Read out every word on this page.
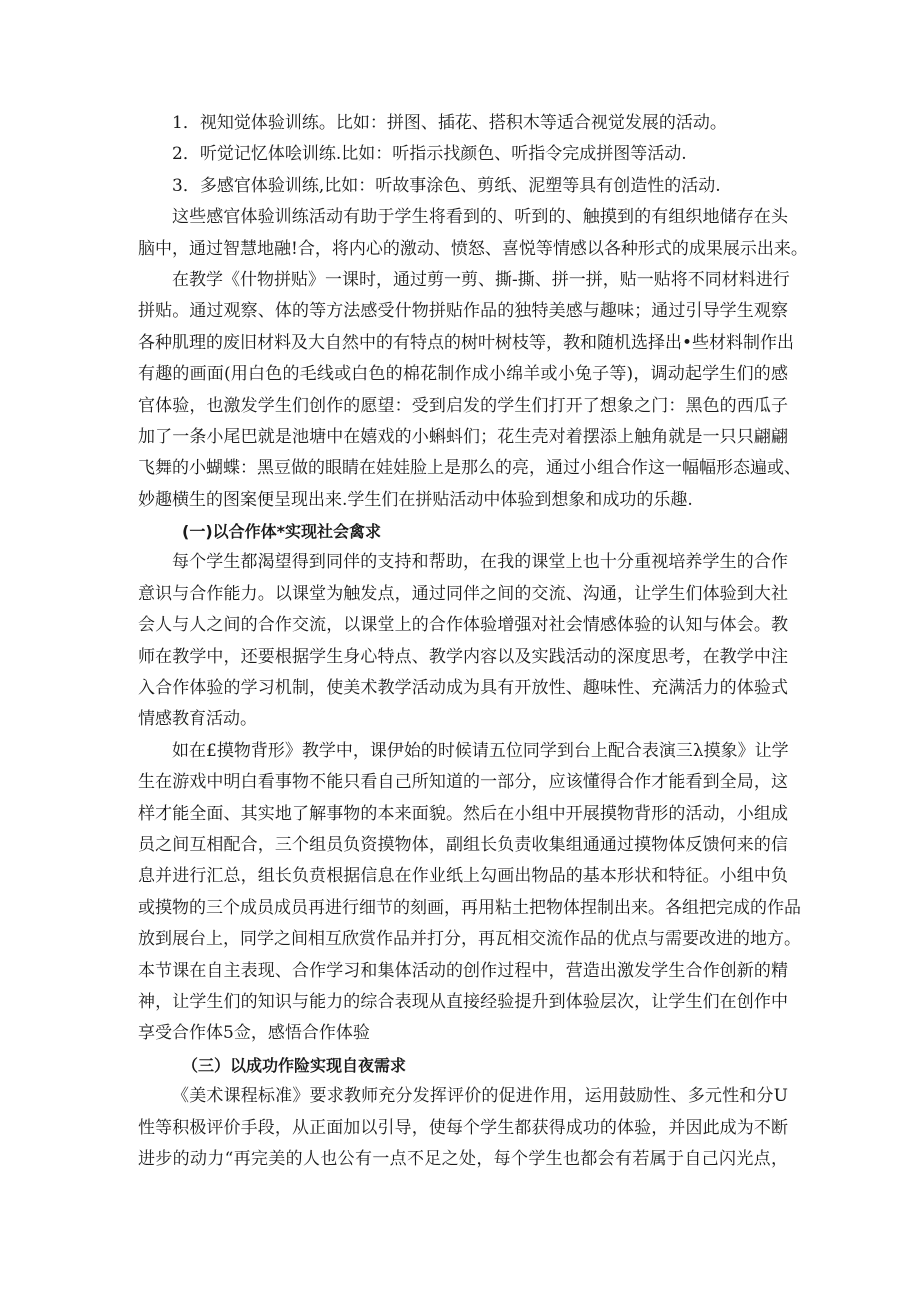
1．视知觉体验训练。比如：拼图、插花、搭积木等适合视觉发展的活动。
2．听觉记忆体哙训练.比如：听指示找颜色、听指令完成拼图等活动.
3．多感官体验训练,比如：听故事涂色、剪纸、泥塑等具有创造性的活动.
这些感官体验训练活动有助于学生将看到的、听到的、触摸到的有组织地储存在头
脑中，通过智慧地融!合，将内心的激动、愤怒、喜悦等情感以各种形式的成果展示出来。
在教学《什物拼贴》一课时，通过剪一剪、撕-撕、拼一拼，贴一贴将不同材料进行
拼贴。通过观察、体的等方法感受什物拼贴作品的独特美感与趣味；通过引导学生观察
各种肌理的废旧材料及大自然中的有特点的树叶树枝等，教和随机选择出•些材料制作出
有趣的画面(用白色的毛线或白色的棉花制作成小绵羊或小兔子等)，调动起学生们的感
官体验，也激发学生们创作的愿望：受到启发的学生们打开了想象之门：黑色的西瓜子
加了一条小尾巴就是池塘中在嬉戏的小蝌蚪们；花生壳对着摆添上触角就是一只只翩翩
飞舞的小蝴蝶：黑豆做的眼睛在娃娃脸上是那么的亮，通过小组合作这一幅幅形态遍或、
妙趣横生的图案便呈现出来.学生们在拼贴活动中体验到想象和成功的乐趣.
(一)以合作体*实现社会禽求
每个学生都渴望得到同伴的支持和帮助，在我的课堂上也十分重视培养学生的合作
意识与合作能力。以课堂为触发点，通过同伴之间的交流、沟通，让学生们体验到大社
会人与人之间的合作交流，以课堂上的合作体验增强对社会情感体验的认知与体会。教
师在教学中，还要根据学生身心特点、教学内容以及实践活动的深度思考，在教学中注
入合作体验的学习机制，使美术教学活动成为具有开放性、趣味性、充满活力的体验式
情感教育活动。
如在£摸物背形》教学中，课伊始的时候请五位同学到台上配合表演三λ摸象》让学
生在游戏中明白看事物不能只看自己所知道的一部分，应该懂得合作才能看到全局，这
样才能全面、其实地了解事物的本来面貌。然后在小组中开展摸物背形的活动，小组成
员之间互相配合，三个组员负资摸物体，副组长负责收集组通通过摸物体反馈何来的信
息并进行汇总，组长负贲根据信息在作业纸上勾画出物品的基本形状和特征。小组中负
或摸物的三个成员成员再进行细节的刻画，再用粘土把物体捏制出来。各组把完成的作品
放到展台上，同学之间相互欣赏作品并打分，再瓦相交流作品的优点与需要改进的地方。
本节课在自主表现、合作学习和集体活动的创作过程中，营造出激发学生合作创新的精
神，让学生们的知识与能力的综合表现从直接经验提升到体验层次，让学生们在创作中
享受合作体5佥，感悟合作体验
（三）以成功作险实现自夜需求
《美术课程标准》要求教师充分发挥评价的促进作用，运用鼓励性、多元性和分U
性等积极评价手段，从正面加以引导，使每个学生都获得成功的体验，并因此成为不断
进步的动力“再完美的人也公有一点不足之处，每个学生也都会有若属于自己闪光点，
